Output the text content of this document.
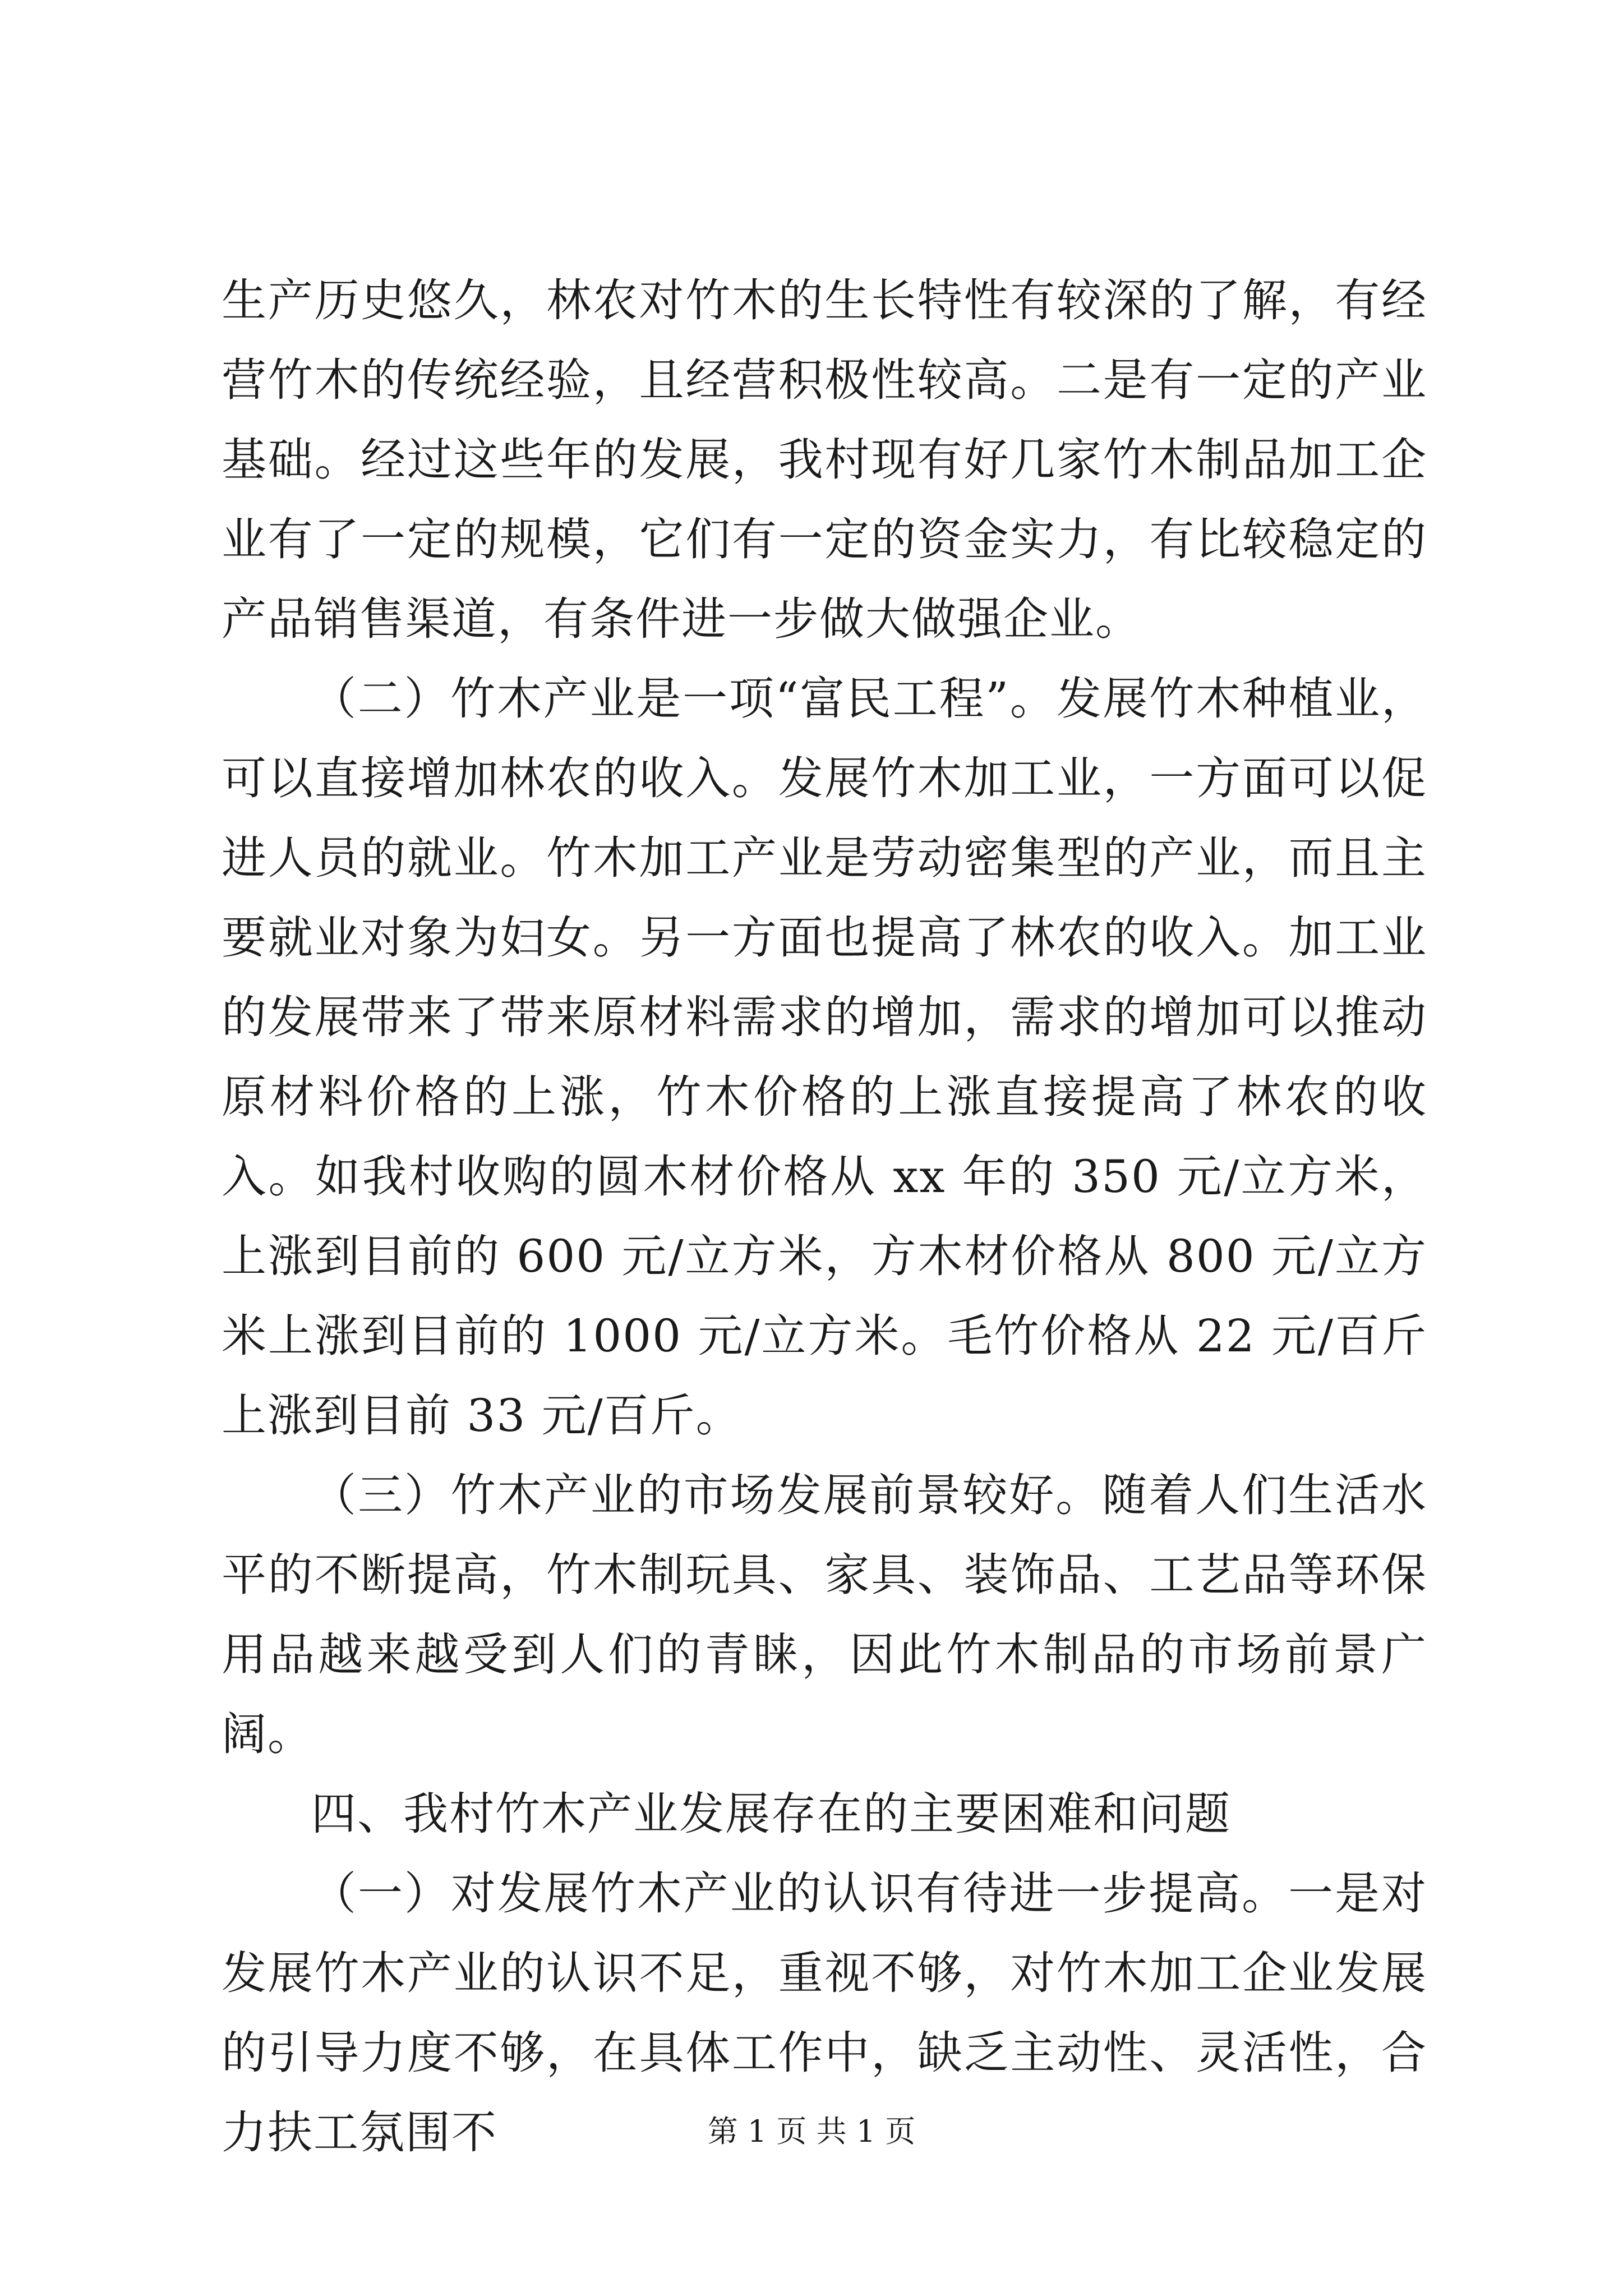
生产历史悠久，林农对竹木的生长特性有较深的了解，有经营竹木的传统经验，且经营积极性较高。二是有一定的产业基础。经过这些年的发展，我村现有好几家竹木制品加工企业有了一定的规模，它们有一定的资金实力，有比较稳定的产品销售渠道，有条件进一步做大做强企业。

（二）竹木产业是一项“富民工程”。发展竹木种植业，可以直接增加林农的收入。发展竹木加工业，一方面可以促进人员的就业。竹木加工产业是劳动密集型的产业，而且主要就业对象为妇女。另一方面也提高了林农的收入。加工业的发展带来了带来原材料需求的增加，需求的增加可以推动原材料价格的上涨，竹木价格的上涨直接提高了林农的收入。如我村收购的圆木材价格从 xx 年的 350 元/立方米，上涨到目前的 600 元/立方米，方木材价格从 800 元/立方米上涨到目前的 1000 元/立方米。毛竹价格从 22 元/百斤上涨到目前 33 元/百斤。

（三）竹木产业的市场发展前景较好。随着人们生活水平的不断提高，竹木制玩具、家具、装饰品、工艺品等环保用品越来越受到人们的青睐，因此竹木制品的市场前景广阔。

四、我村竹木产业发展存在的主要困难和问题

（一）对发展竹木产业的认识有待进一步提高。一是对发展竹木产业的认识不足，重视不够，对竹木加工企业发展的引导力度不够，在具体工作中，缺乏主动性、灵活性，合力扶工氛围不	第 1 页 共 1 页
